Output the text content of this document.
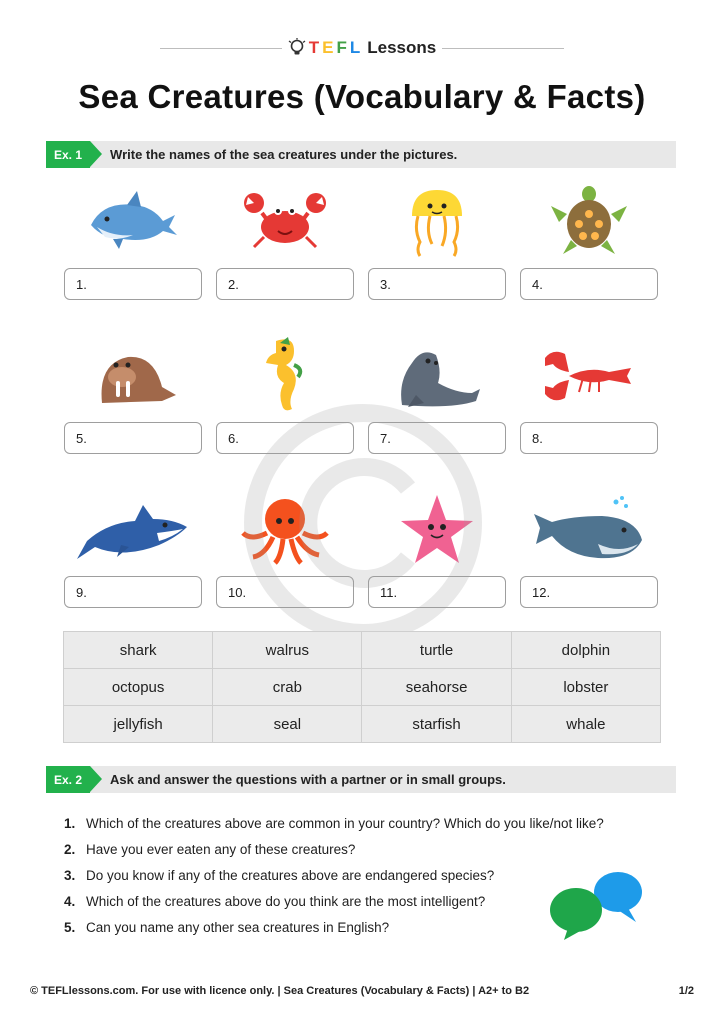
T E F L Lessons
Sea Creatures (Vocabulary & Facts)
Ex. 1	Write the names of the sea creatures under the pictures.
1.	2.	3.	4.
5.	6.	7.	8.
9.	10.	11.	12.
shark	walrus	turtle	dolphin
octopus	crab	seahorse	lobster
jellyfish	seal	starfish	whale
Ex. 2	Ask and answer the questions with a partner or in small groups.
1. Which of the creatures above are common in your country? Which do you like/not like?
2. Have you ever eaten any of these creatures?
3. Do you know if any of the creatures above are endangered species?
4. Which of the creatures above do you think are the most intelligent?
5. Can you name any other sea creatures in English?
© TEFLlessons.com. For use with licence only. | Sea Creatures (Vocabulary & Facts) | A2+ to B2	1/2
